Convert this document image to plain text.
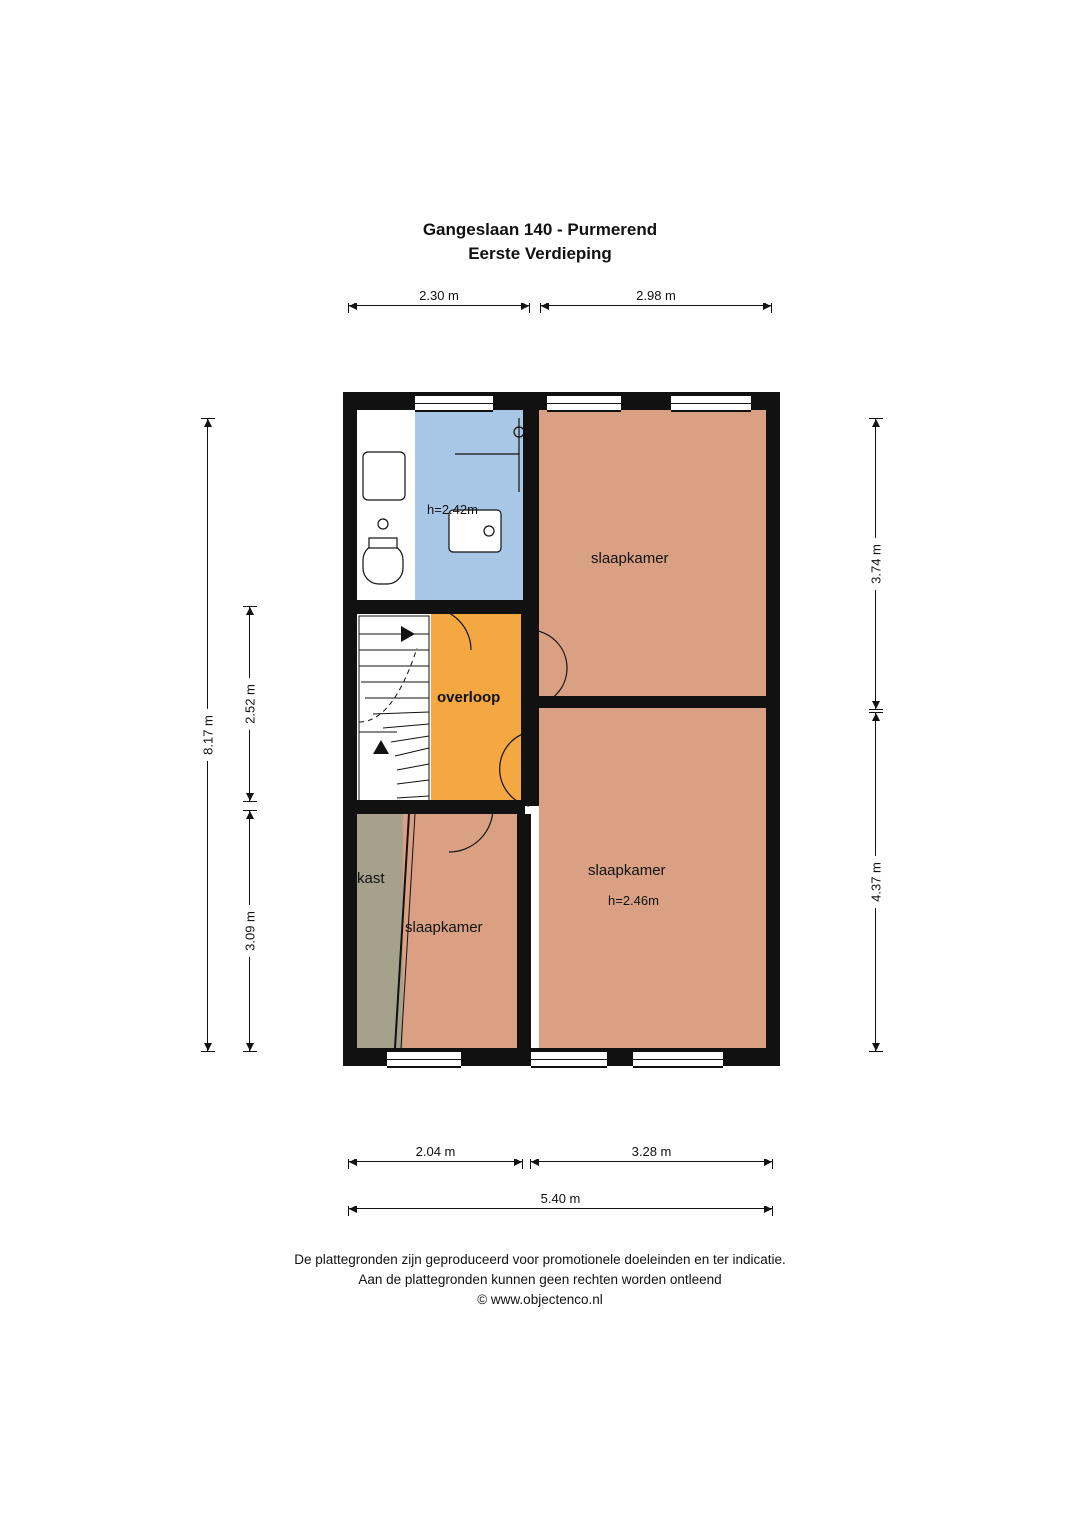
Gangeslaan 140 - Purmerend
Eerste Verdieping
2.30 m	2.98 m
8.17 m
2.52 m
3.09 m
3.74 m
4.37 m
2.04 m	3.28 m
5.40 m
slaapkamer
slaapkamer
h=2.46m
slaapkamer
overloop
kast
h=2.42m
De plattegronden zijn geproduceerd voor promotionele doeleinden en ter indicatie.
Aan de plattegronden kunnen geen rechten worden ontleend
© www.objectenco.nl
